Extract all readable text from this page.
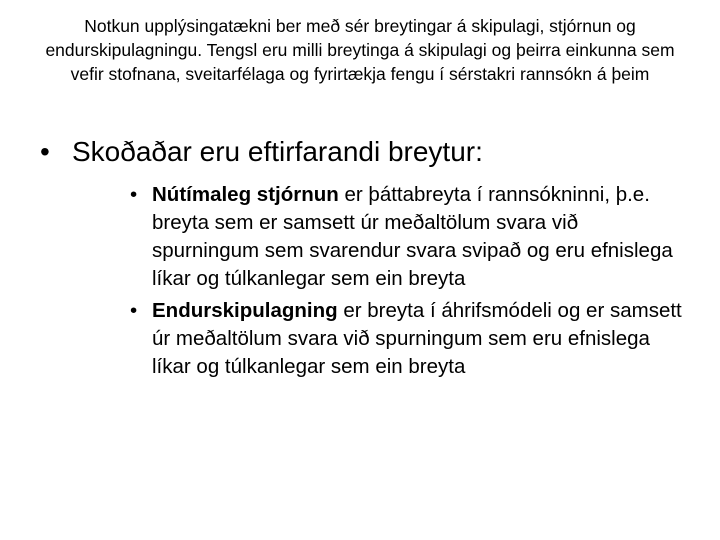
Notkun upplýsingatækni ber með sér breytingar á skipulagi, stjórnun og endurskipulagningu. Tengsl eru milli breytinga á skipulagi og þeirra einkunna sem vefir stofnana, sveitarfélaga og fyrirtækja fengu í sérstakri rannsókn á þeim

• Skoðaðar eru eftirfarandi breytur:
• Nútímaleg stjórnun er þáttabreyta í rannsókninni, þ.e. breyta sem er samsett úr meðaltölum svara við spurningum sem svarendur svara svipað og eru efnislega líkar og túlkanlegar sem ein breyta
• Endurskipulagning er breyta í áhrifsmódeli og er samsett úr meðaltölum svara við spurningum sem eru efnislega líkar og túlkanlegar sem ein breyta
